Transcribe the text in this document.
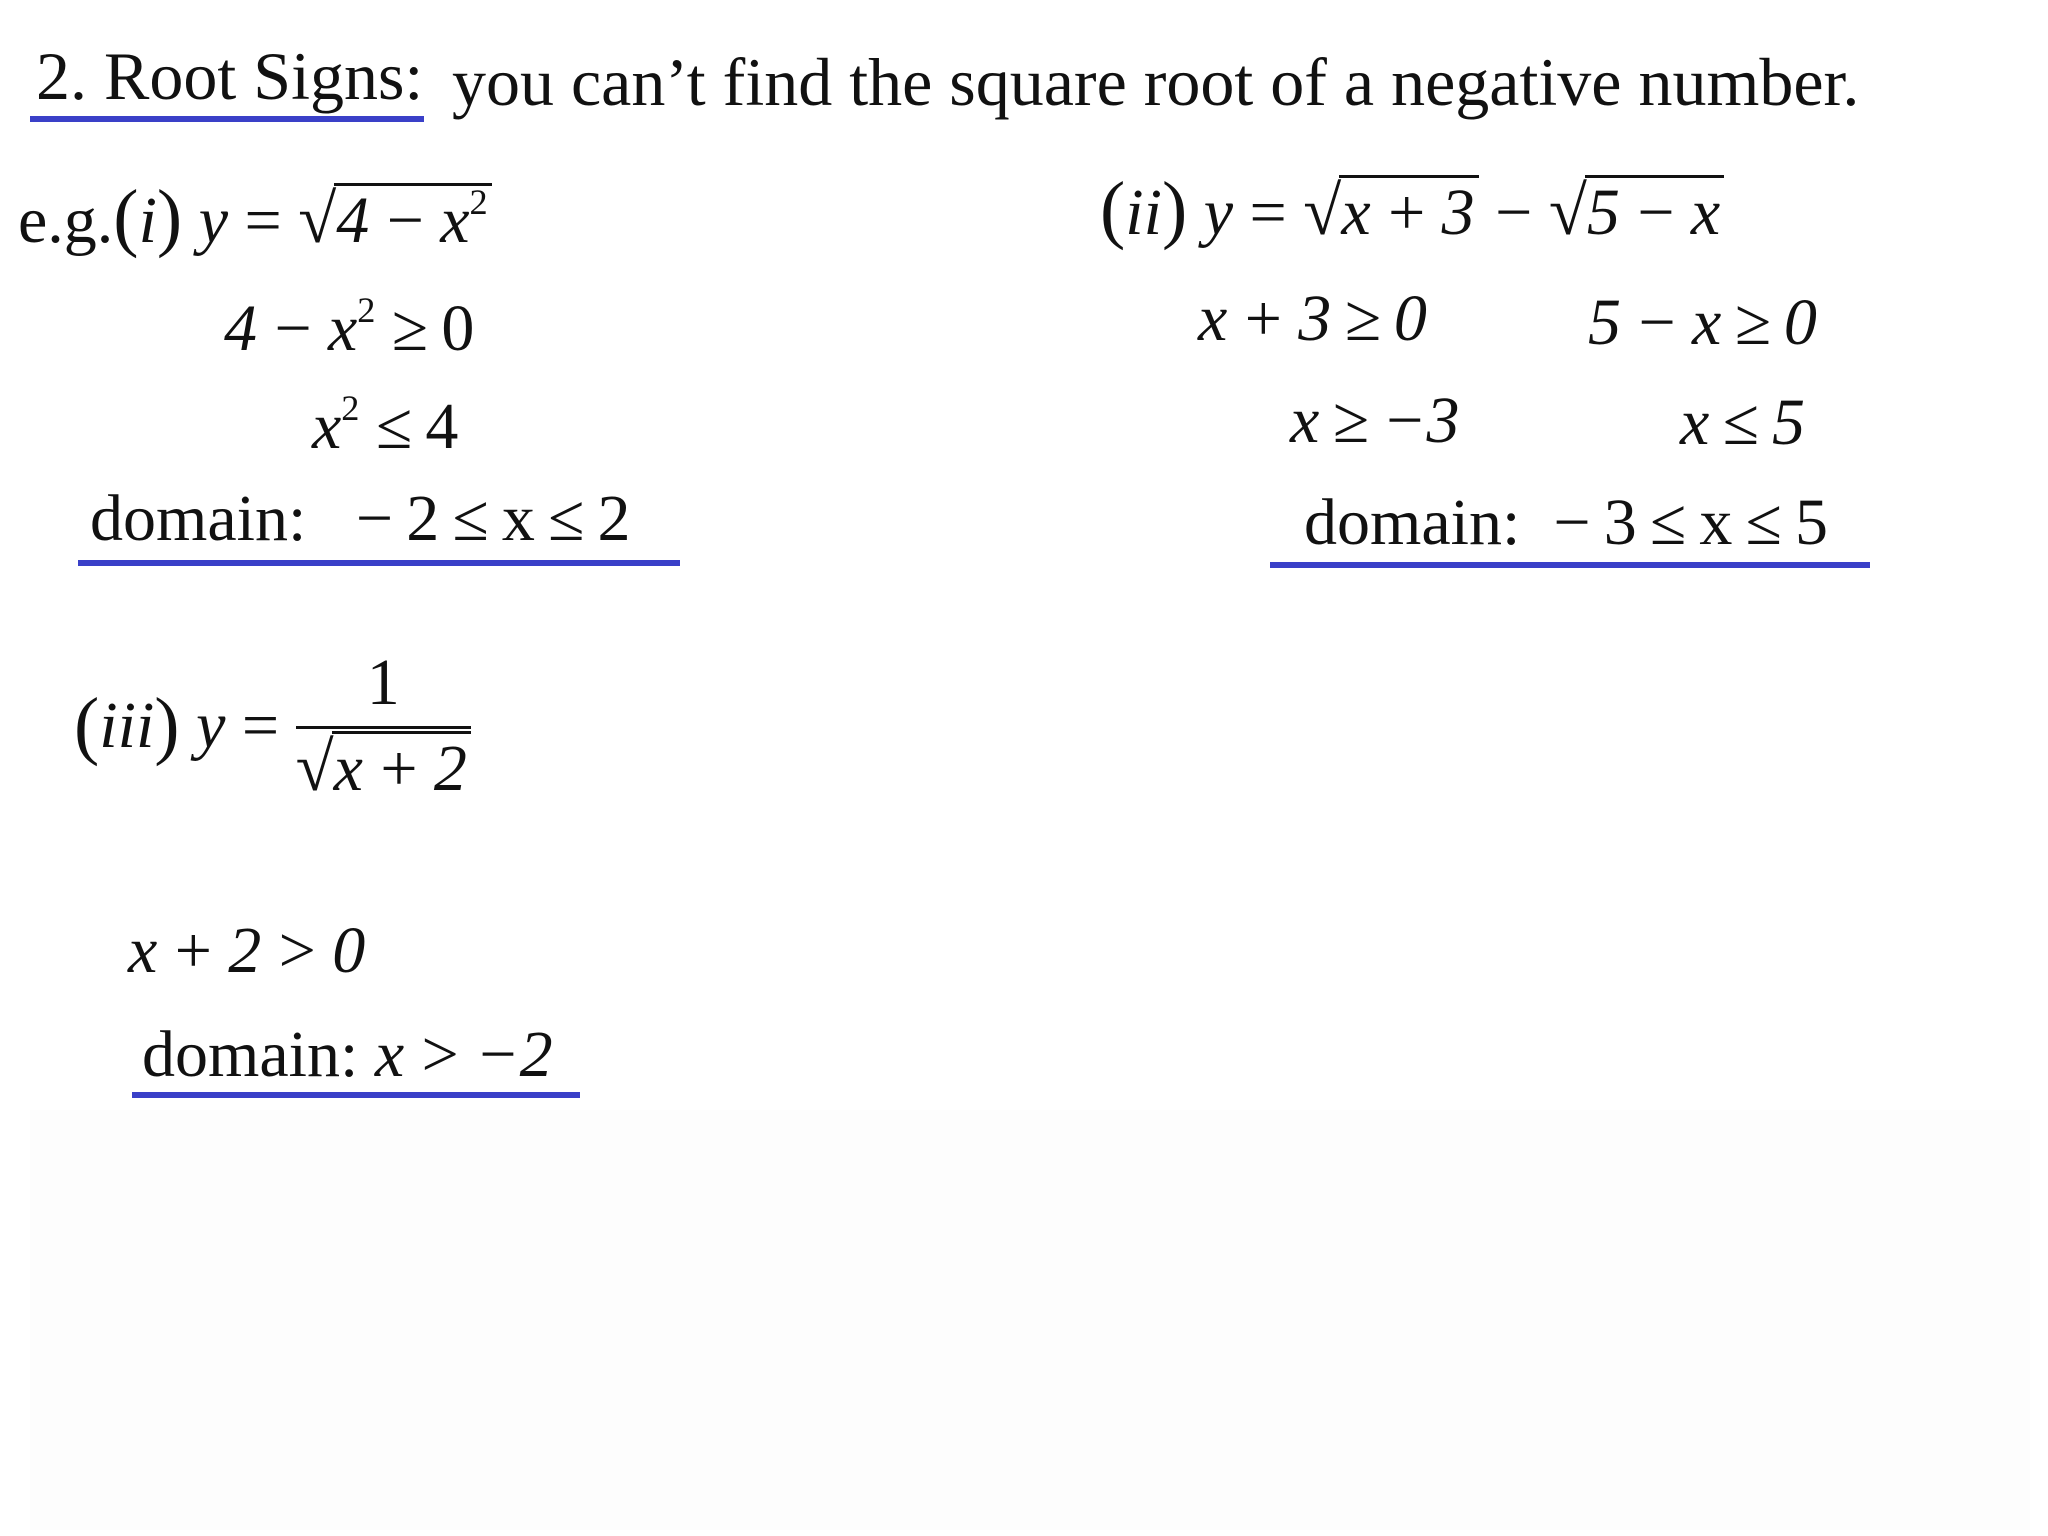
2. Root Signs: you can’t find the square root of a negative number.
e.g.(i) $y = √4 - x^2$
$4 - x^2 \ge 0$
$x^2 \le 4$
domain: − 2 ≤ x ≤ 2
(ii) y = √x + 3 − √5 − x
x + 3 ≥ 0 5 − x ≥ 0
x ≥ −3	x ≤ 5
domain: − 3 ≤ x ≤ 5
(iii) $y = \frac{1}{√x + 2}$
x + 2 > 0
domain: x > −2
